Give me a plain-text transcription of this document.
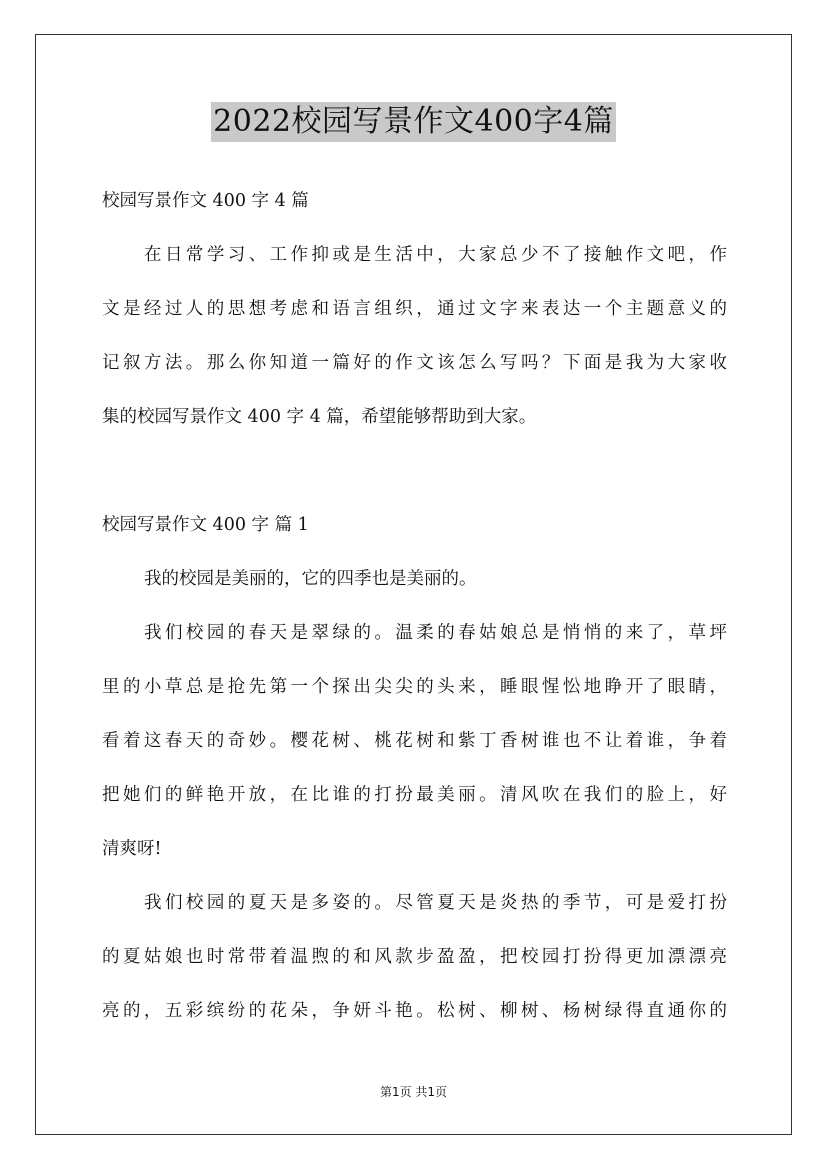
2022校园写景作文400字4篇
校园写景作文 400 字 4 篇
在日常学习、工作抑或是生活中，大家总少不了接触作文吧，作
文是经过人的思想考虑和语言组织，通过文字来表达一个主题意义的
记叙方法。那么你知道一篇好的作文该怎么写吗？下面是我为大家收
集的校园写景作文 400 字 4 篇，希望能够帮助到大家。
校园写景作文 400 字 篇 1
我的校园是美丽的，它的四季也是美丽的。
我们校园的春天是翠绿的。温柔的春姑娘总是悄悄的来了，草坪
里的小草总是抢先第一个探出尖尖的头来，睡眼惺忪地睁开了眼睛，
看着这春天的奇妙。樱花树、桃花树和紫丁香树谁也不让着谁，争着
把她们的鲜艳开放，在比谁的打扮最美丽。清风吹在我们的脸上，好
清爽呀!
我们校园的夏天是多姿的。尽管夏天是炎热的季节，可是爱打扮
的夏姑娘也时常带着温煦的和风款步盈盈，把校园打扮得更加漂漂亮
亮的，五彩缤纷的花朵，争妍斗艳。松树、柳树、杨树绿得直通你的
第1页 共1页
